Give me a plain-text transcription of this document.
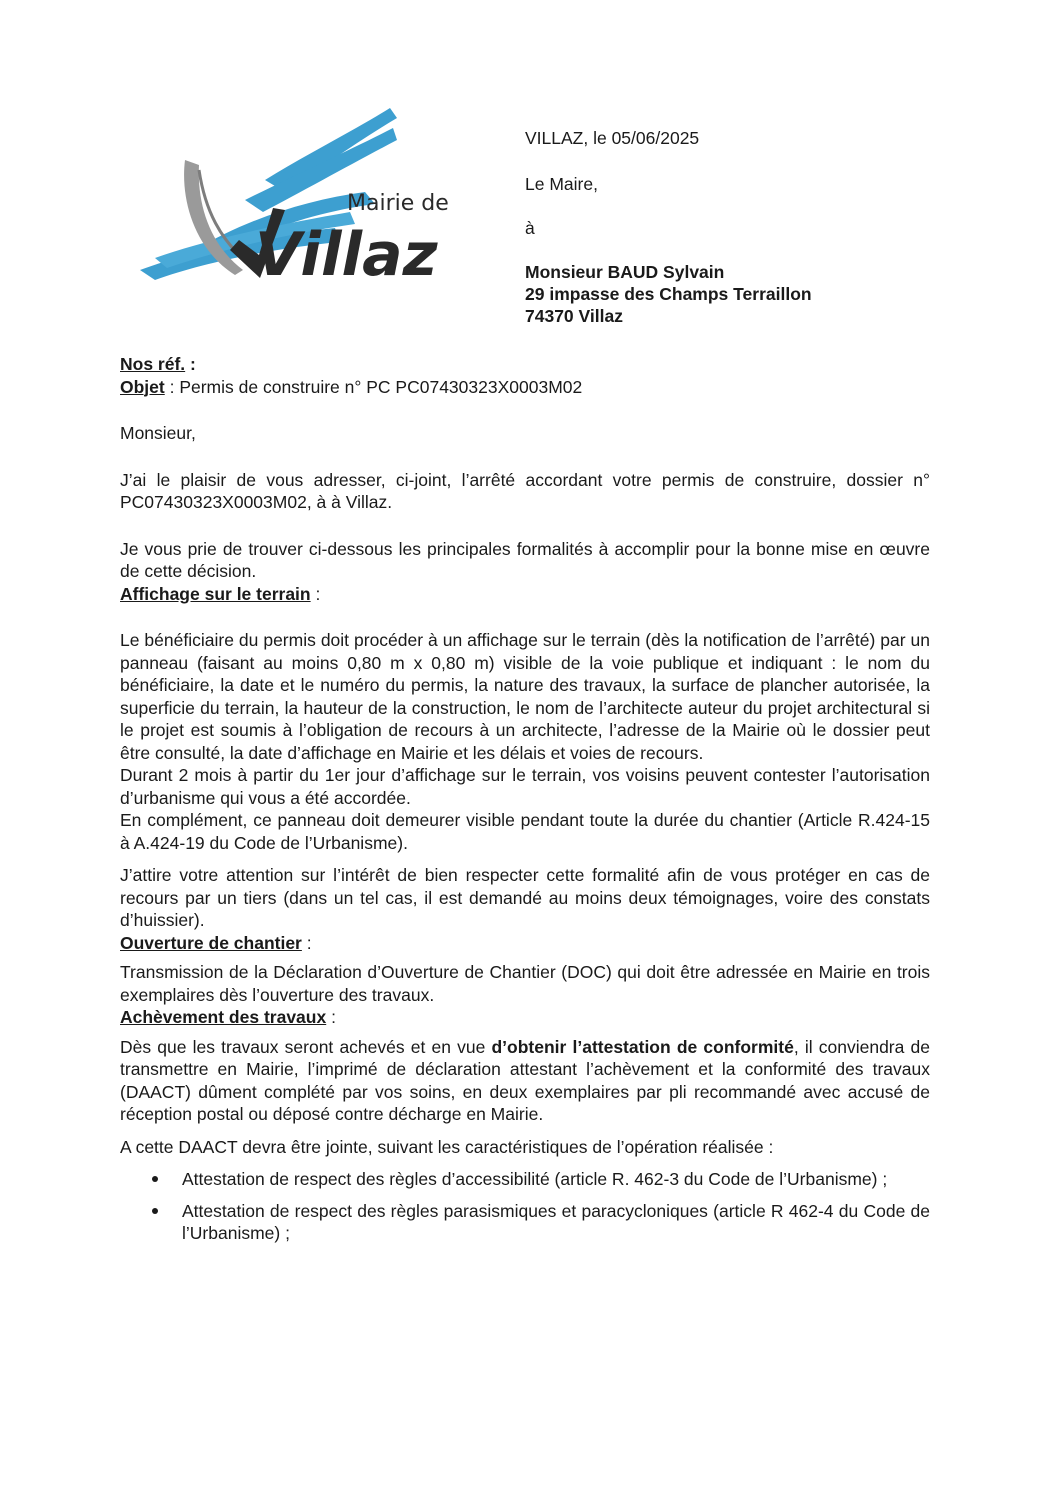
Mairie de
Villaz
VILLAZ, le 05/06/2025
Le Maire,
à
Monsieur BAUD Sylvain
29 impasse des Champs Terraillon
74370 Villaz
Nos réf. :
Objet : Permis de construire n° PC PC07430323X0003M02

Monsieur,

J’ai le plaisir de vous adresser, ci-joint, l’arrêté accordant votre permis de construire, dossier n° PC07430323X0003M02, à à Villaz.

Je vous prie de trouver ci-dessous les principales formalités à accomplir pour la bonne mise en œuvre de cette décision.

Affichage sur le terrain :

Le bénéficiaire du permis doit procéder à un affichage sur le terrain (dès la notification de l’arrêté) par un panneau (faisant au moins 0,80 m x 0,80 m) visible de la voie publique et indiquant : le nom du bénéficiaire, la date et le numéro du permis, la nature des travaux, la surface de plancher autorisée, la superficie du terrain, la hauteur de la construction, le nom de l’architecte auteur du projet architectural si le projet est soumis à l’obligation de recours à un architecte, l’adresse de la Mairie où le dossier peut être consulté, la date d’affichage en Mairie et les délais et voies de recours.

Durant 2 mois à partir du 1er jour d’affichage sur le terrain, vos voisins peuvent contester l’autorisation d’urbanisme qui vous a été accordée.

En complément, ce panneau doit demeurer visible pendant toute la durée du chantier (Article R.424-15 à A.424-19 du Code de l’Urbanisme).

J’attire votre attention sur l’intérêt de bien respecter cette formalité afin de vous protéger en cas de recours par un tiers (dans un tel cas, il est demandé au moins deux témoignages, voire des constats d’huissier).

Ouverture de chantier :

Transmission de la Déclaration d’Ouverture de Chantier (DOC) qui doit être adressée en Mairie en trois exemplaires dès l’ouverture des travaux.

Achèvement des travaux :

Dès que les travaux seront achevés et en vue d’obtenir l’attestation de conformité, il conviendra de transmettre en Mairie, l’imprimé de déclaration attestant l’achèvement et la conformité des travaux (DAACT) dûment complété par vos soins, en deux exemplaires par pli recommandé avec accusé de réception postal ou déposé contre décharge en Mairie.

A cette DAACT devra être jointe, suivant les caractéristiques de l’opération réalisée :

Attestation de respect des règles d’accessibilité (article R. 462-3 du Code de l’Urbanisme) ;
Attestation de respect des règles parasismiques et paracycloniques (article R 462-4 du Code de l’Urbanisme) ;
